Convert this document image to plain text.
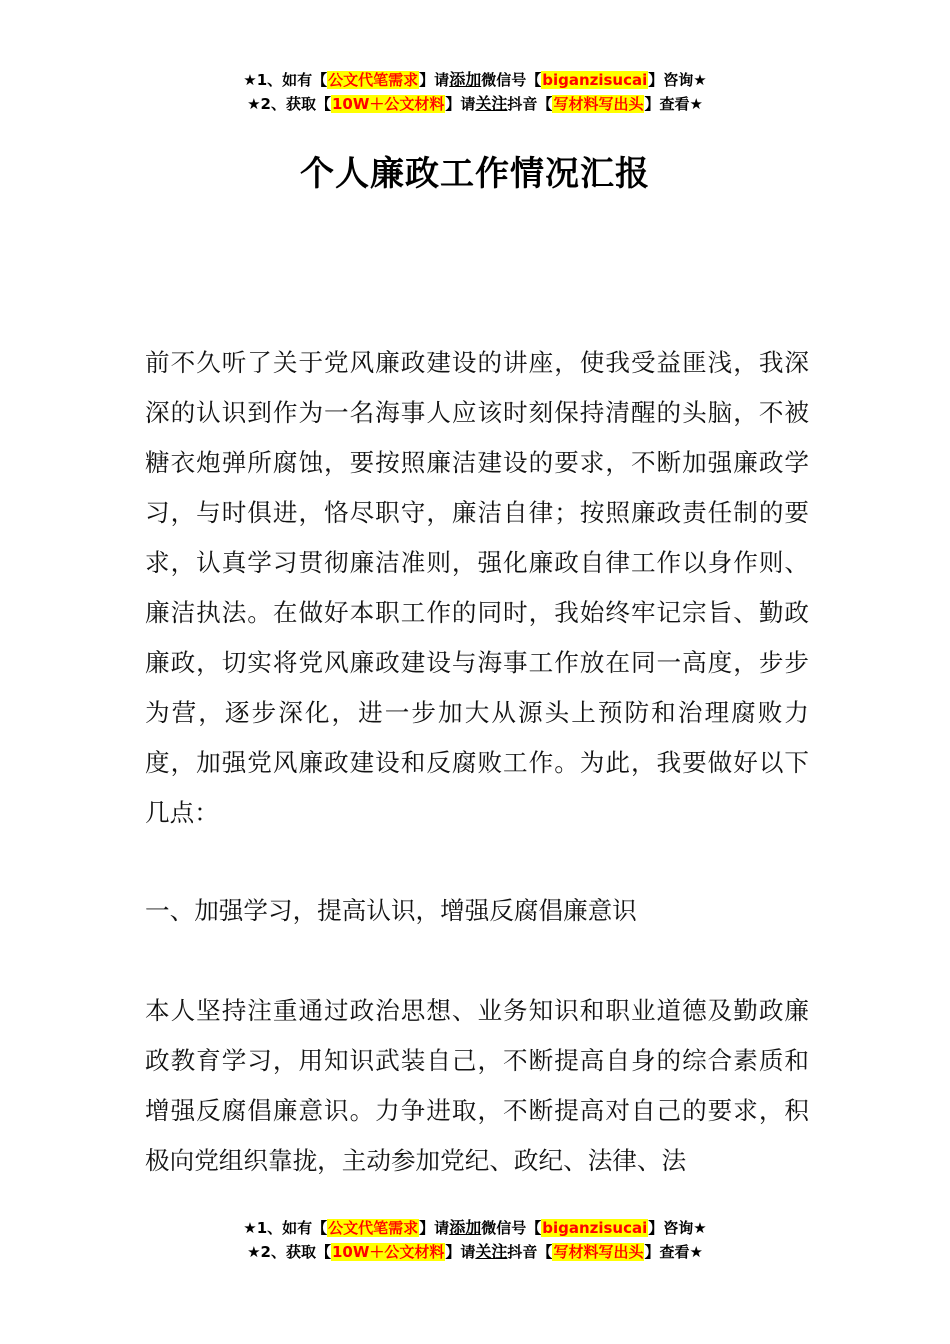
★1、如有【公文代笔需求】请添加微信号【biganzisucai】咨询★
★2、获取【10W＋公文材料】请关注抖音【写材料写出头】查看★
个人廉政工作情况汇报

前不久听了关于党风廉政建设的讲座，使我受益匪浅，我深深的认识到作为一名海事人应该时刻保持清醒的头脑，不被糖衣炮弹所腐蚀，要按照廉洁建设的要求，不断加强廉政学习，与时俱进，恪尽职守，廉洁自律；按照廉政责任制的要求，认真学习贯彻廉洁准则，强化廉政自律工作以身作则、廉洁执法。在做好本职工作的同时，我始终牢记宗旨、勤政廉政，切实将党风廉政建设与海事工作放在同一高度，步步为营，逐步深化，进一步加大从源头上预防和治理腐败力度，加强党风廉政建设和反腐败工作。为此，我要做好以下几点：

一、加强学习，提高认识，增强反腐倡廉意识

本人坚持注重通过政治思想、业务知识和职业道德及勤政廉政教育学习，用知识武装自己，不断提高自身的综合素质和增强反腐倡廉意识。力争进取，不断提高对自己的要求，积极向党组织靠拢，主动参加党纪、政纪、法律、法

★1、如有【公文代笔需求】请添加微信号【biganzisucai】咨询★
★2、获取【10W＋公文材料】请关注抖音【写材料写出头】查看★
